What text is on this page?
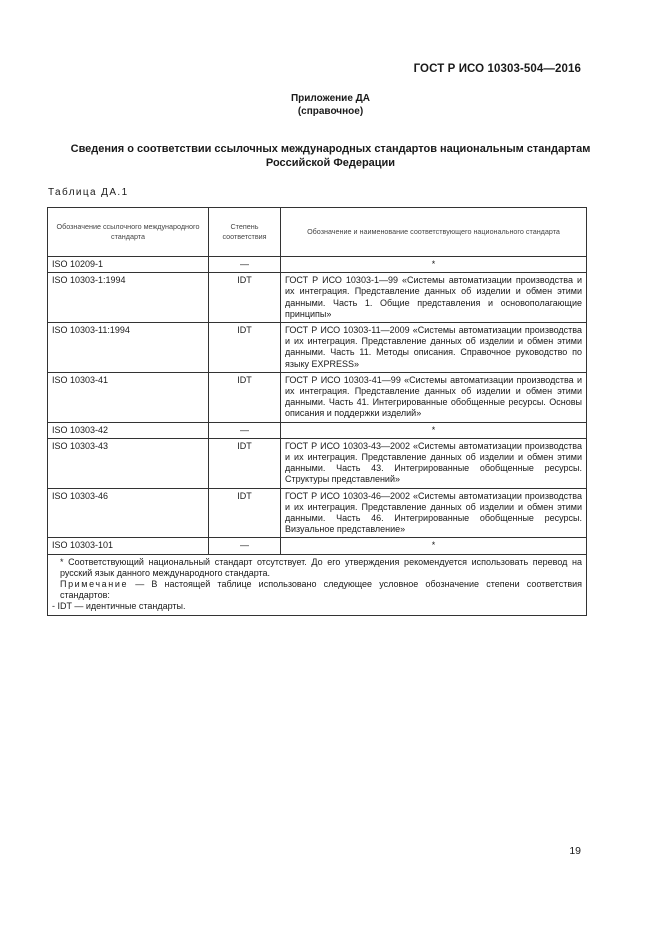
ГОСТ Р ИСО 10303-504—2016
Приложение ДА
(справочное)
Сведения о соответствии ссылочных международных стандартов национальным стандартам Российской Федерации
Таблица ДА.1
Обозначение ссылочного международного стандарта	Степень соответствия	Обозначение и наименование соответствующего национального стандарта
ISO 10209-1	—	*
ISO 10303-1:1994	IDT	ГОСТ Р ИСО 10303-1—99 «Системы автоматизации производства и их интеграция. Представление данных об изделии и обмен этими данными. Часть 1. Общие представления и основополагающие принципы»
ISO 10303-11:1994	IDT	ГОСТ Р ИСО 10303-11—2009 «Системы автоматизации производства и их интеграция. Представление данных об изделии и обмен этими данными. Часть 11. Методы описания. Справочное руководство по языку EXPRESS»
ISO 10303-41	IDT	ГОСТ Р ИСО 10303-41—99 «Системы автоматизации производства и их интеграция. Представление данных об изделии и обмен этими данными. Часть 41. Интегрированные обобщенные ресурсы. Основы описания и поддержки изделий»
ISO 10303-42	—	*
ISO 10303-43	IDT	ГОСТ Р ИСО 10303-43—2002 «Системы автоматизации производства и их интеграция. Представление данных об изделии и обмен этими данными. Часть 43. Интегрированные обобщенные ресурсы. Структуры представлений»
ISO 10303-46	IDT	ГОСТ Р ИСО 10303-46—2002 «Системы автоматизации производства и их интеграция. Представление данных об изделии и обмен этими данными. Часть 46. Интегрированные обобщенные ресурсы. Визуальное представление»
ISO 10303-101	—	*

* Соответствующий национальный стандарт отсутствует. До его утверждения рекомендуется использовать перевод на русский язык данного международного стандарта.
Примечание — В настоящей таблице использовано следующее условное обозначение степени соответствия стандартов:
- IDT — идентичные стандарты.		
19
